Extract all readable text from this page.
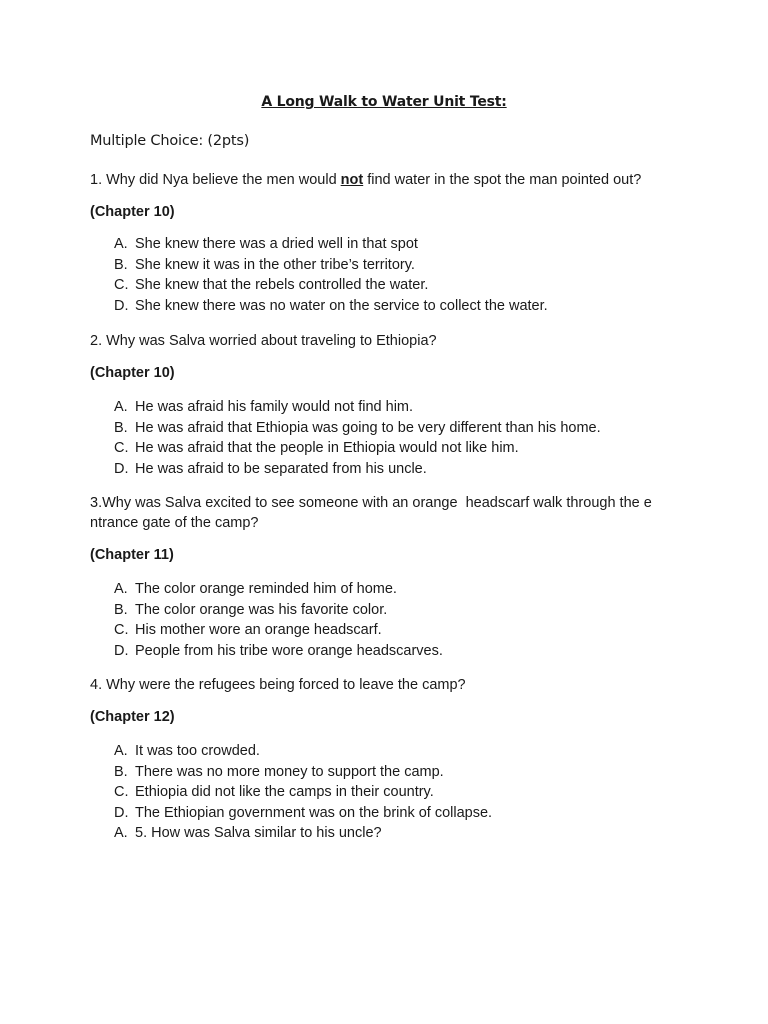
A Long Walk to Water Unit Test:
Multiple Choice: (2pts)
1. Why did Nya believe the men would not find water in the spot the man pointed out?
(Chapter 10)
A. She knew there was a dried well in that spot
B. She knew it was in the other tribe’s territory.
C. She knew that the rebels controlled the water.
D. She knew there was no water on the service to collect the water.
2. Why was Salva worried about traveling to Ethiopia?
(Chapter 10)
A. He was afraid his family would not find him.
B. He was afraid that Ethiopia was going to be very different than his home.
C. He was afraid that the people in Ethiopia would not like him.
D. He was afraid to be separated from his uncle.
3.Why was Salva excited to see someone with an orange  headscarf walk through the e
ntrance gate of the camp?
(Chapter 11)
A. The color orange reminded him of home.
B. The color orange was his favorite color.
C. His mother wore an orange headscarf.
D. People from his tribe wore orange headscarves.
4. Why were the refugees being forced to leave the camp?
(Chapter 12)
A. It was too crowded.
B. There was no more money to support the camp.
C. Ethiopia did not like the camps in their country.
D. The Ethiopian government was on the brink of collapse.
A. 5. How was Salva similar to his uncle?
